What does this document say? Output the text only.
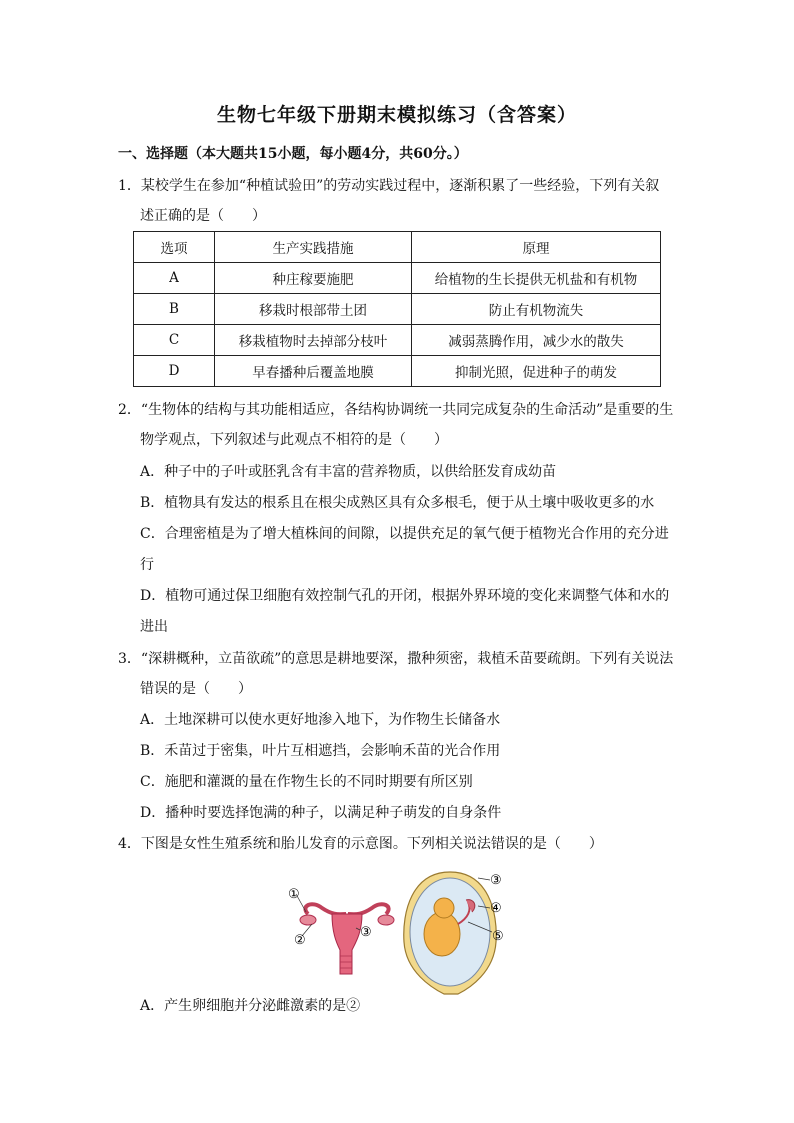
生物七年级下册期末模拟练习（含答案）
一、选择题（本大题共15小题，每小题4分，共60分。）
1．某校学生在参加“种植试验田”的劳动实践过程中，逐渐积累了一些经验，下列有关叙
述正确的是（　　）
选项	生产实践措施	原理
A	种庄稼要施肥	给植物的生长提供无机盐和有机物
B	移栽时根部带土团	防止有机物流失
C	移栽植物时去掉部分枝叶	减弱蒸腾作用，减少水的散失
D	早春播种后覆盖地膜	抑制光照，促进种子的萌发
2．“生物体的结构与其功能相适应，各结构协调统一共同完成复杂的生命活动”是重要的生
物学观点，下列叙述与此观点不相符的是（　　）
A．种子中的子叶或胚乳含有丰富的营养物质，以供给胚发育成幼苗
B．植物具有发达的根系且在根尖成熟区具有众多根毛，便于从土壤中吸收更多的水
C．合理密植是为了增大植株间的间隙，以提供充足的氧气便于植物光合作用的充分进
行
D．植物可通过保卫细胞有效控制气孔的开闭，根据外界环境的变化来调整气体和水的
进出
3．“深耕概种，立苗欲疏”的意思是耕地要深，撒种须密，栽植禾苗要疏朗。下列有关说法
错误的是（　　）
A．土地深耕可以使水更好地渗入地下，为作物生长储备水
B．禾苗过于密集，叶片互相遮挡，会影响禾苗的光合作用
C．施肥和灌溉的量在作物生长的不同时期要有所区别
D．播种时要选择饱满的种子，以满足种子萌发的自身条件
4．下图是女性生殖系统和胎儿发育的示意图。下列相关说法错误的是（　　）
①
②
③
③
④
⑤
A．产生卵细胞并分泌雌激素的是②
